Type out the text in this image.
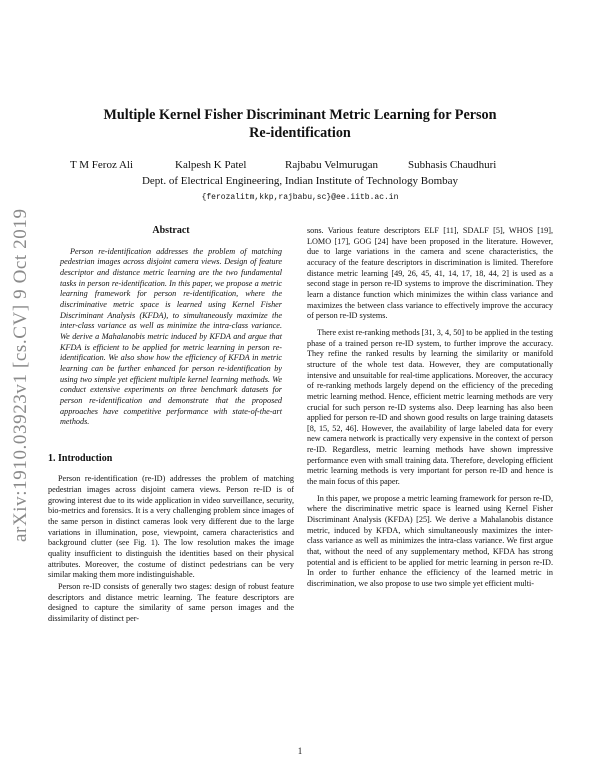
arXiv:1910.03923v1 [cs.CV] 9 Oct 2019
Multiple Kernel Fisher Discriminant Metric Learning for Person
Re-identification
T M Feroz Ali	Kalpesh K Patel	Rajbabu Velmurugan	Subhasis Chaudhuri
Dept. of Electrical Engineering, Indian Institute of Technology Bombay
{ferozalitm,kkp,rajbabu,sc}@ee.iitb.ac.in
Abstract

Person re-identification addresses the problem of matching pedestrian images across disjoint camera views. Design of feature descriptor and distance metric learning are the two fundamental tasks in person re-identification. In this paper, we propose a metric learning framework for person re-identification, where the discriminative metric space is learned using Kernel Fisher Discriminant Analysis (KFDA), to simultaneously maximize the inter-class variance as well as minimize the intra-class variance. We derive a Mahalanobis metric induced by KFDA and argue that KFDA is efficient to be applied for metric learning in person re-identification. We also show how the efficiency of KFDA in metric learning can be further enhanced for person re-identification by using two simple yet efficient multiple kernel learning methods. We conduct extensive experiments on three benchmark datasets for person re-identification and demonstrate that the proposed approaches have competitive performance with state-of-the-art methods.

1. Introduction

Person re-identification (re-ID) addresses the problem of matching pedestrian images across disjoint camera views. Person re-ID is of growing interest due to its wide application in video surveillance, security, bio-metrics and forensics. It is a very challenging problem since images of the same person in distinct cameras look very different due to the large variations in illumination, pose, viewpoint, camera characteristics and background clutter (see Fig. 1). The low resolution makes the image quality insufficient to distinguish the identities based on their physical attributes. Moreover, the costume of distinct pedestrians can be very similar making them more indistinguishable.

Person re-ID consists of generally two stages: design of robust feature descriptors and distance metric learning. The feature descriptors are designed to capture the similarity of same person images and the dissimilarity of distinct per-

sons. Various feature descriptors ELF [11], SDALF [5], WHOS [19], LOMO [17], GOG [24] have been proposed in the literature. However, due to large variations in the camera and scene characteristics, the accuracy of the feature descriptors in discrimination is limited. Therefore distance metric learning [49, 26, 45, 41, 14, 17, 18, 44, 2] is used as a second stage in person re-ID systems to improve the discrimination. They learn a distance function which minimizes the within class variance and maximizes the between class variance to effectively improve the accuracy of person re-ID systems.

There exist re-ranking methods [31, 3, 4, 50] to be applied in the testing phase of a trained person re-ID system, to further improve the accuracy. They refine the ranked results by learning the similarity or manifold structure of the whole test data. However, they are computationally intensive and unsuitable for real-time applications. Moreover, the accuracy of re-ranking methods largely depend on the efficiency of the preceding metric learning method. Hence, efficient metric learning methods are very crucial for such person re-ID systems also. Deep learning has also been applied for person re-ID and shown good results on large training datasets [8, 15, 52, 46]. However, the availability of large labeled data for every new camera network is practically very expensive in the context of person re-ID. Regardless, metric learning methods have shown impressive performance even with small training data. Therefore, developing efficient metric learning methods is very important for person re-ID and hence is the main focus of this paper.

In this paper, we propose a metric learning framework for person re-ID, where the discriminative metric space is learned using Kernel Fisher Discriminant Analysis (KFDA) [25]. We derive a Mahalanobis distance metric, induced by KFDA, which simultaneously maximizes the inter-class variance as well as minimizes the intra-class variance. We first argue that, without the need of any supplementary method, KFDA has strong potential and is efficient to be applied for metric learning in person re-ID. In order to further enhance the efficiency of the learned metric in discrimination, we also propose to use two simple yet efficient multi-

1
